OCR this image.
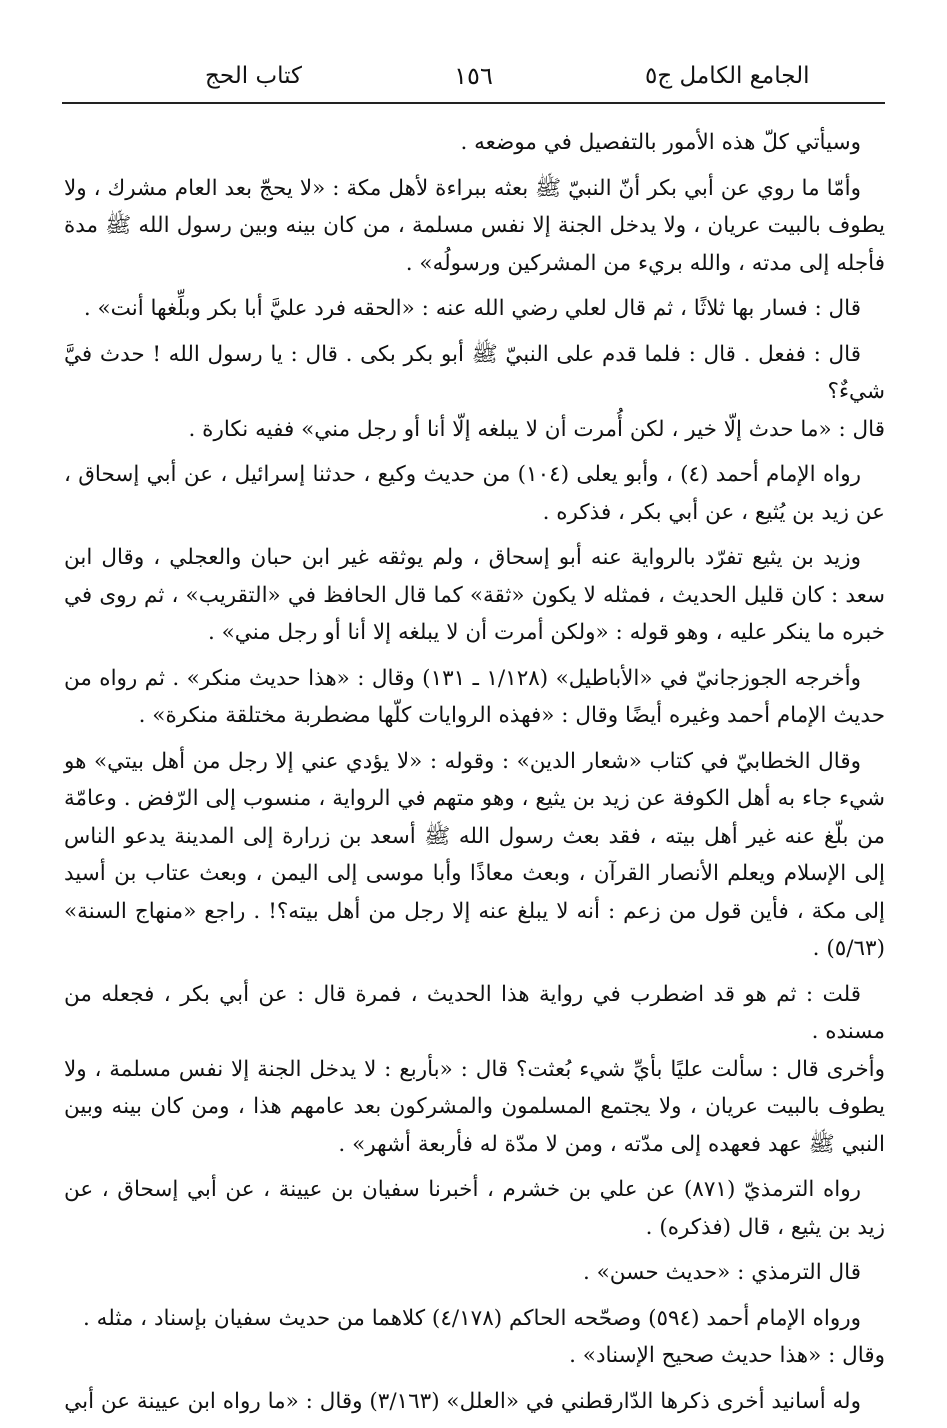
كتاب الحج	١٥٦	الجامع الكامل ج٥

وسيأتي كلّ هذه الأمور بالتفصيل في موضعه .

وأمّا ما روي عن أبي بكر أنّ النبيّ ﷺ بعثه ببراءة لأهل مكة : «لا يحجّ بعد العام مشرك ، ولا يطوف بالبيت عريان ، ولا يدخل الجنة إلا نفس مسلمة ، من كان بينه وبين رسول الله ﷺ مدة فأجله إلى مدته ، والله بريء من المشركين ورسولُه» .

قال : فسار بها ثلاثًا ، ثم قال لعلي رضي الله عنه : «الحقه فرد عليَّ أبا بكر وبلِّغها أنت» .

قال : ففعل . قال : فلما قدم على النبيّ ﷺ أبو بكر بكى . قال : يا رسول الله ! حدث فيَّ شيءٌ؟

قال : «ما حدث إلّا خير ، لكن أُمرت أن لا يبلغه إلّا أنا أو رجل مني» ففيه نكارة .

رواه الإمام أحمد (٤) ، وأبو يعلى (١٠٤) من حديث وكيع ، حدثنا إسرائيل ، عن أبي إسحاق ، عن زيد بن يُثيع ، عن أبي بكر ، فذكره .

وزيد بن يثيع تفرّد بالرواية عنه أبو إسحاق ، ولم يوثقه غير ابن حبان والعجلي ، وقال ابن سعد : كان قليل الحديث ، فمثله لا يكون «ثقة» كما قال الحافظ في «التقريب» ، ثم روى في خبره ما ينكر عليه ، وهو قوله : «ولكن أمرت أن لا يبلغه إلا أنا أو رجل مني» .

وأخرجه الجوزجانيّ في «الأباطيل» (١/١٢٨ ـ ١٣١) وقال : «هذا حديث منكر» . ثم رواه من حديث الإمام أحمد وغيره أيضًا وقال : «فهذه الروايات كلّها مضطربة مختلقة منكرة» .

وقال الخطابيّ في كتاب «شعار الدين» : وقوله : «لا يؤدي عني إلا رجل من أهل بيتي» هو شيء جاء به أهل الكوفة عن زيد بن يثيع ، وهو متهم في الرواية ، منسوب إلى الرّفض . وعامّة من بلّغ عنه غير أهل بيته ، فقد بعث رسول الله ﷺ أسعد بن زرارة إلى المدينة يدعو الناس إلى الإسلام ويعلم الأنصار القرآن ، وبعث معاذًا وأبا موسى إلى اليمن ، وبعث عتاب بن أسيد إلى مكة ، فأين قول من زعم : أنه لا يبلغ عنه إلا رجل من أهل بيته؟! . راجع «منهاج السنة» (٥/٦٣) .

قلت : ثم هو قد اضطرب في رواية هذا الحديث ، فمرة قال : عن أبي بكر ، فجعله من مسنده .

وأخرى قال : سألت عليًا بأيِّ شيء بُعثت؟ قال : «بأربع : لا يدخل الجنة إلا نفس مسلمة ، ولا يطوف بالبيت عريان ، ولا يجتمع المسلمون والمشركون بعد عامهم هذا ، ومن كان بينه وبين النبي ﷺ عهد فعهده إلى مدّته ، ومن لا مدّة له فأربعة أشهر» .

رواه الترمذيّ (٨٧١) عن علي بن خشرم ، أخبرنا سفيان بن عيينة ، عن أبي إسحاق ، عن زيد بن يثيع ، قال (فذكره) .

قال الترمذي : «حديث حسن» .

ورواه الإمام أحمد (٥٩٤) وصحّحه الحاكم (٤/١٧٨) كلاهما من حديث سفيان بإسناد ، مثله .

وقال : «هذا حديث صحيح الإسناد» .

وله أسانيد أخرى ذكرها الدّارقطني في «العلل» (٣/١٦٣) وقال : «ما رواه ابن عيينة عن أبي
